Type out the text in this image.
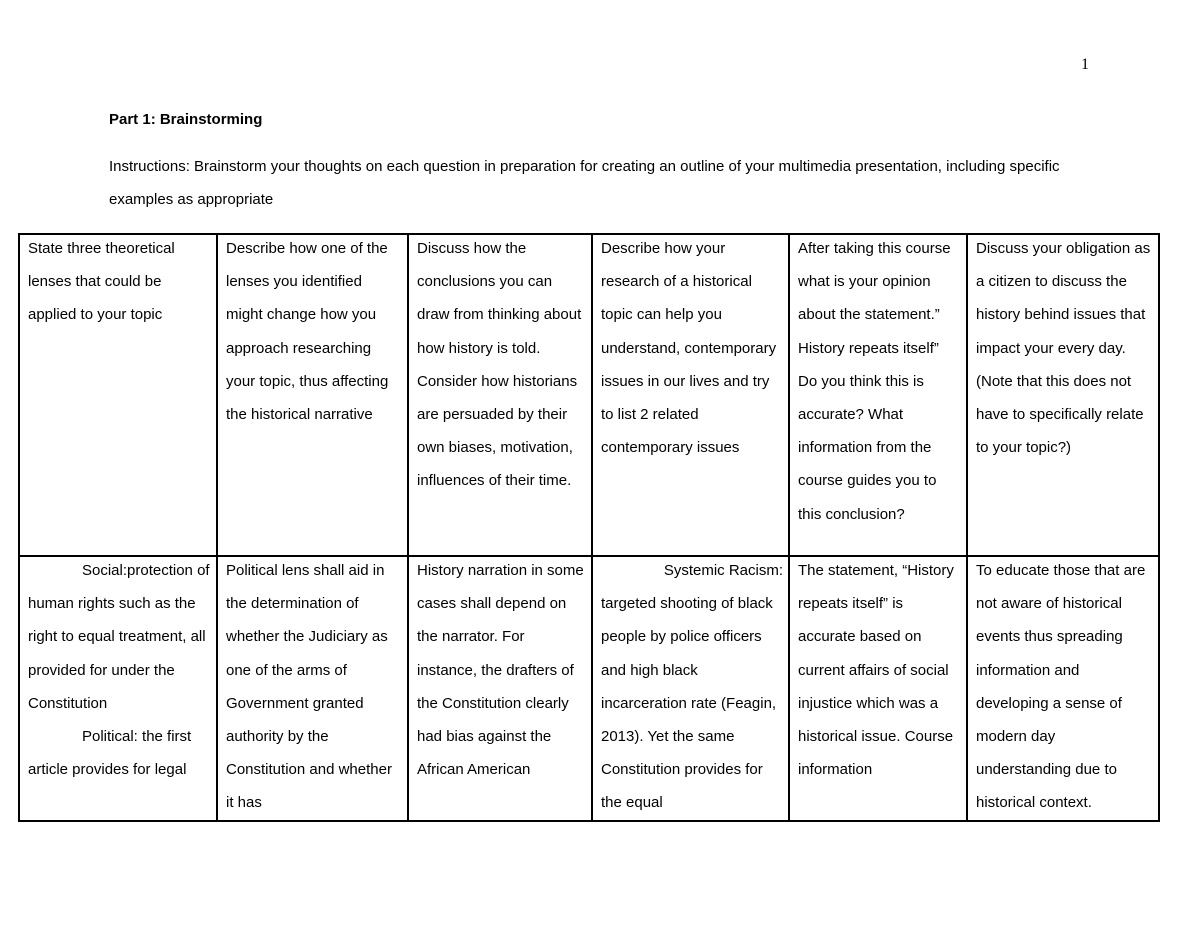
1
Part 1: Brainstorming
Instructions: Brainstorm your thoughts on each question in preparation for creating an outline of your multimedia presentation, including specific examples as appropriate
State three theoretical lenses that could be applied to your topic	Describe how one of the lenses you identified might change how you approach researching your topic, thus affecting the historical narrative	Discuss how the conclusions you can draw from thinking about how history is told. Consider how historians are persuaded by their own biases, motivation, influences of their time.	Describe how your research of a historical topic can help you understand, contemporary issues in our lives and try to list 2 related contemporary issues	After taking this course what is your opinion about the statement.” History repeats itself” Do you think this is accurate? What information from the course guides you to this conclusion?	Discuss your obligation as a citizen to discuss the history behind issues that impact your every day. (Note that this does not have to specifically relate to your topic?)

Social:protection of human rights such as the right to equal treatment, all provided for under the Constitution
Political: the first article provides for legal	Political lens shall aid in the determination of whether the Judiciary as one of the arms of Government granted authority by the Constitution and whether it has	History narration in some cases shall depend on the narrator. For instance, the drafters of the Constitution clearly had bias against the African American	Systemic Racism:
targeted shooting of black people by police officers and high black incarceration rate (Feagin, 2013). Yet the same Constitution provides for the equal	The statement, “History repeats itself” is accurate based on current affairs of social injustice which was a historical issue. Course information	To educate those that are not aware of historical events thus spreading information and developing a sense of modern day understanding due to historical context.
